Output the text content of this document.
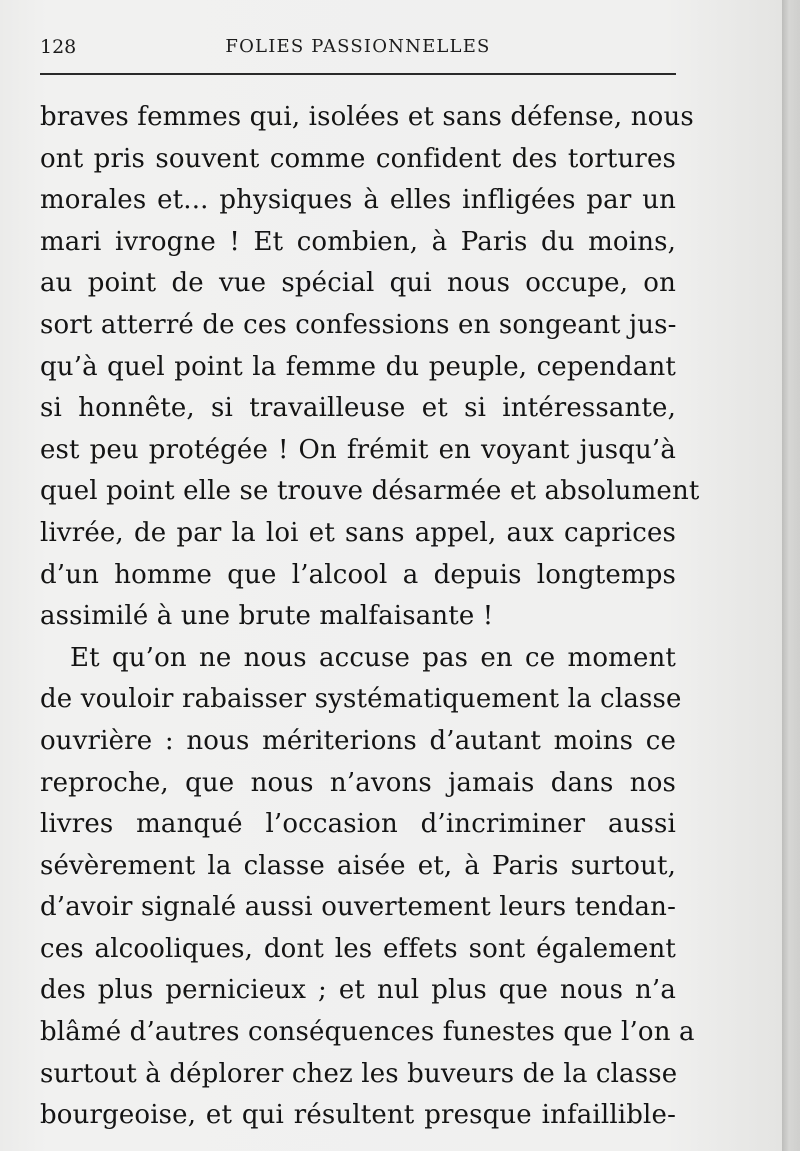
128	FOLIES PASSIONNELLES
braves femmes qui, isolées et sans défense, nous
ont pris souvent comme confident des tortures
morales et... physiques à elles infligées par un
mari ivrogne ! Et combien, à Paris du moins,
au point de vue spécial qui nous occupe, on
sort atterré de ces confessions en songeant jus-
qu’à quel point la femme du peuple, cependant
si honnête, si travailleuse et si intéressante,
est peu protégée ! On frémit en voyant jusqu’à
quel point elle se trouve désarmée et absolument
livrée, de par la loi et sans appel, aux caprices
d’un homme que l’alcool a depuis longtemps
assimilé à une brute malfaisante !
Et qu’on ne nous accuse pas en ce moment
de vouloir rabaisser systématiquement la classe
ouvrière : nous mériterions d’autant moins ce
reproche, que nous n’avons jamais dans nos
livres manqué l’occasion d’incriminer aussi
sévèrement la classe aisée et, à Paris surtout,
d’avoir signalé aussi ouvertement leurs tendan-
ces alcooliques, dont les effets sont également
des plus pernicieux ; et nul plus que nous n’a
blâmé d’autres conséquences funestes que l’on a
surtout à déplorer chez les buveurs de la classe
bourgeoise, et qui résultent presque infaillible-
